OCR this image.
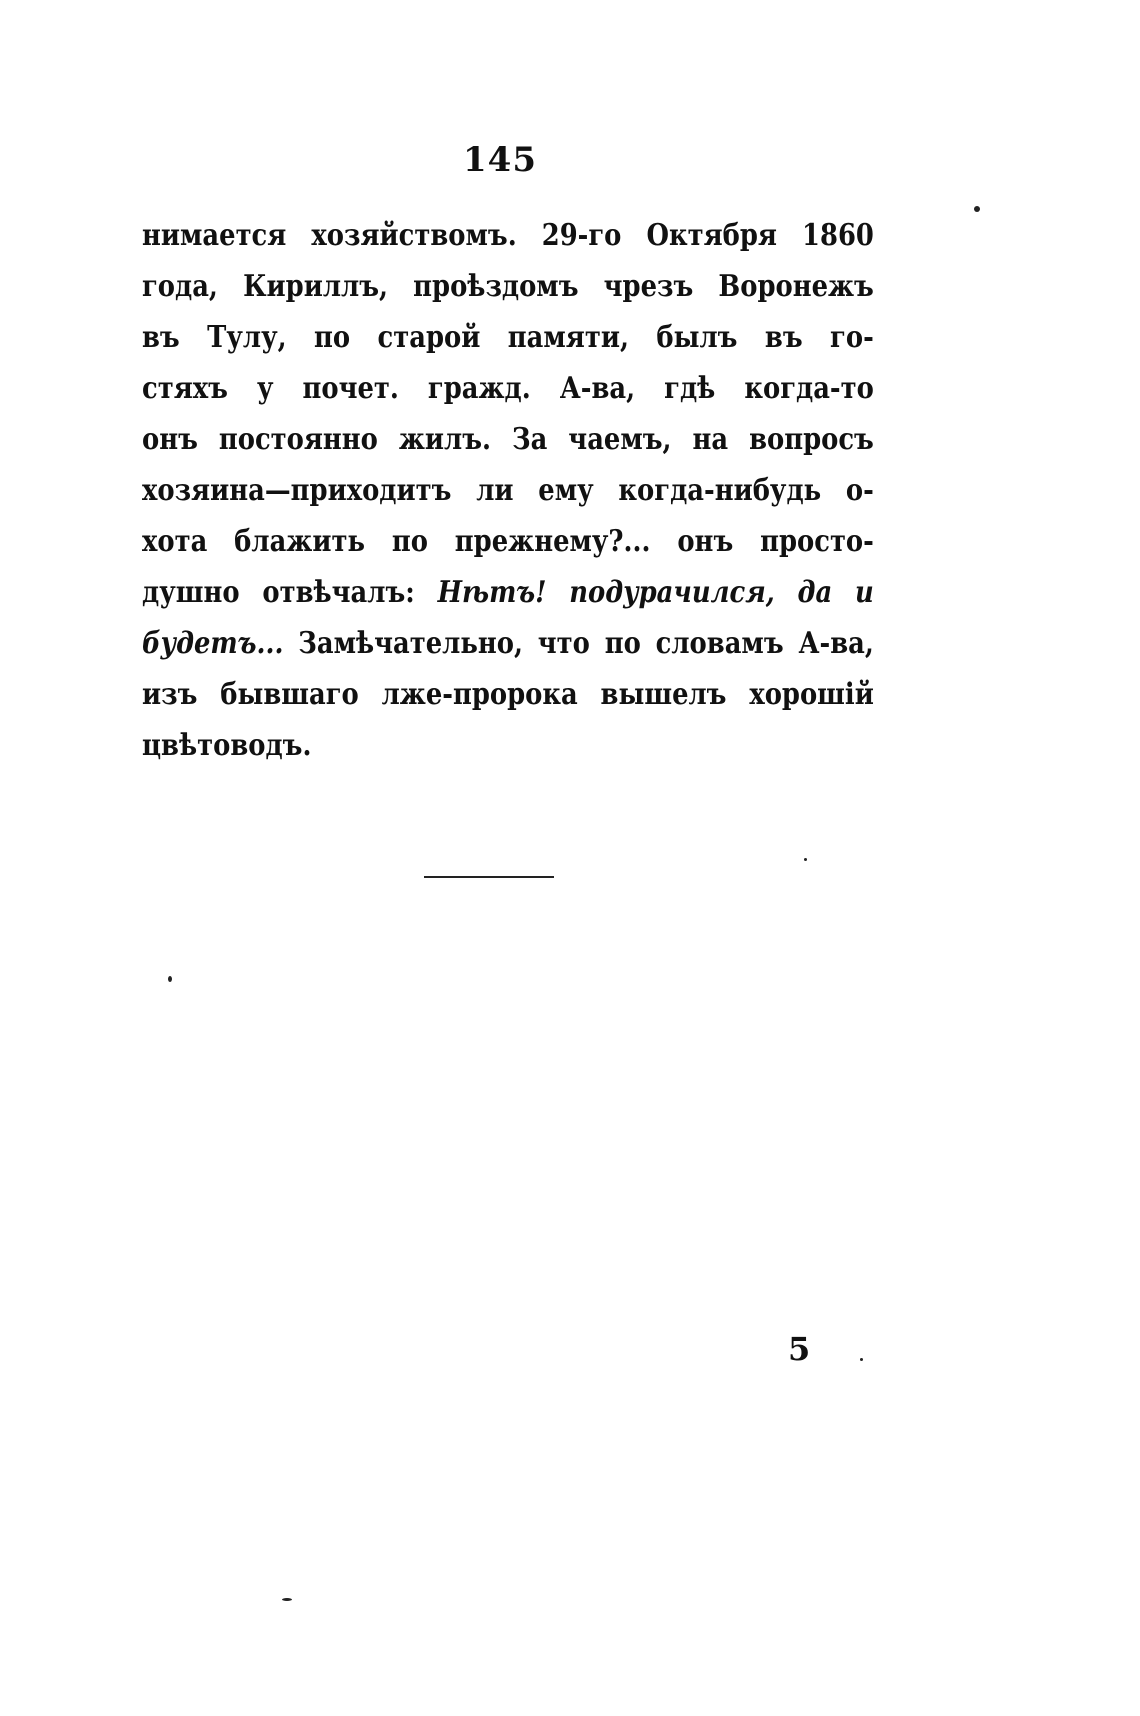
145
нимается хозяйствомъ. 29-го Октября 1860
года, Кириллъ, проѣздомъ чрезъ Воронежъ
въ Тулу, по старой памяти, былъ въ го-
стяхъ у почет. гражд. А-ва, гдѣ когда-то
онъ постоянно жилъ. За чаемъ, на вопросъ
хозяина—приходитъ ли ему когда-нибудь о-
хота блажить по прежнему?... онъ просто-
душно отвѣчалъ: Нѣтъ! подурачился, да и
будетъ... Замѣчательно, что по словамъ А-ва,
изъ бывшаго лже-пророка вышелъ хорошій
цвѣтоводъ.
5
